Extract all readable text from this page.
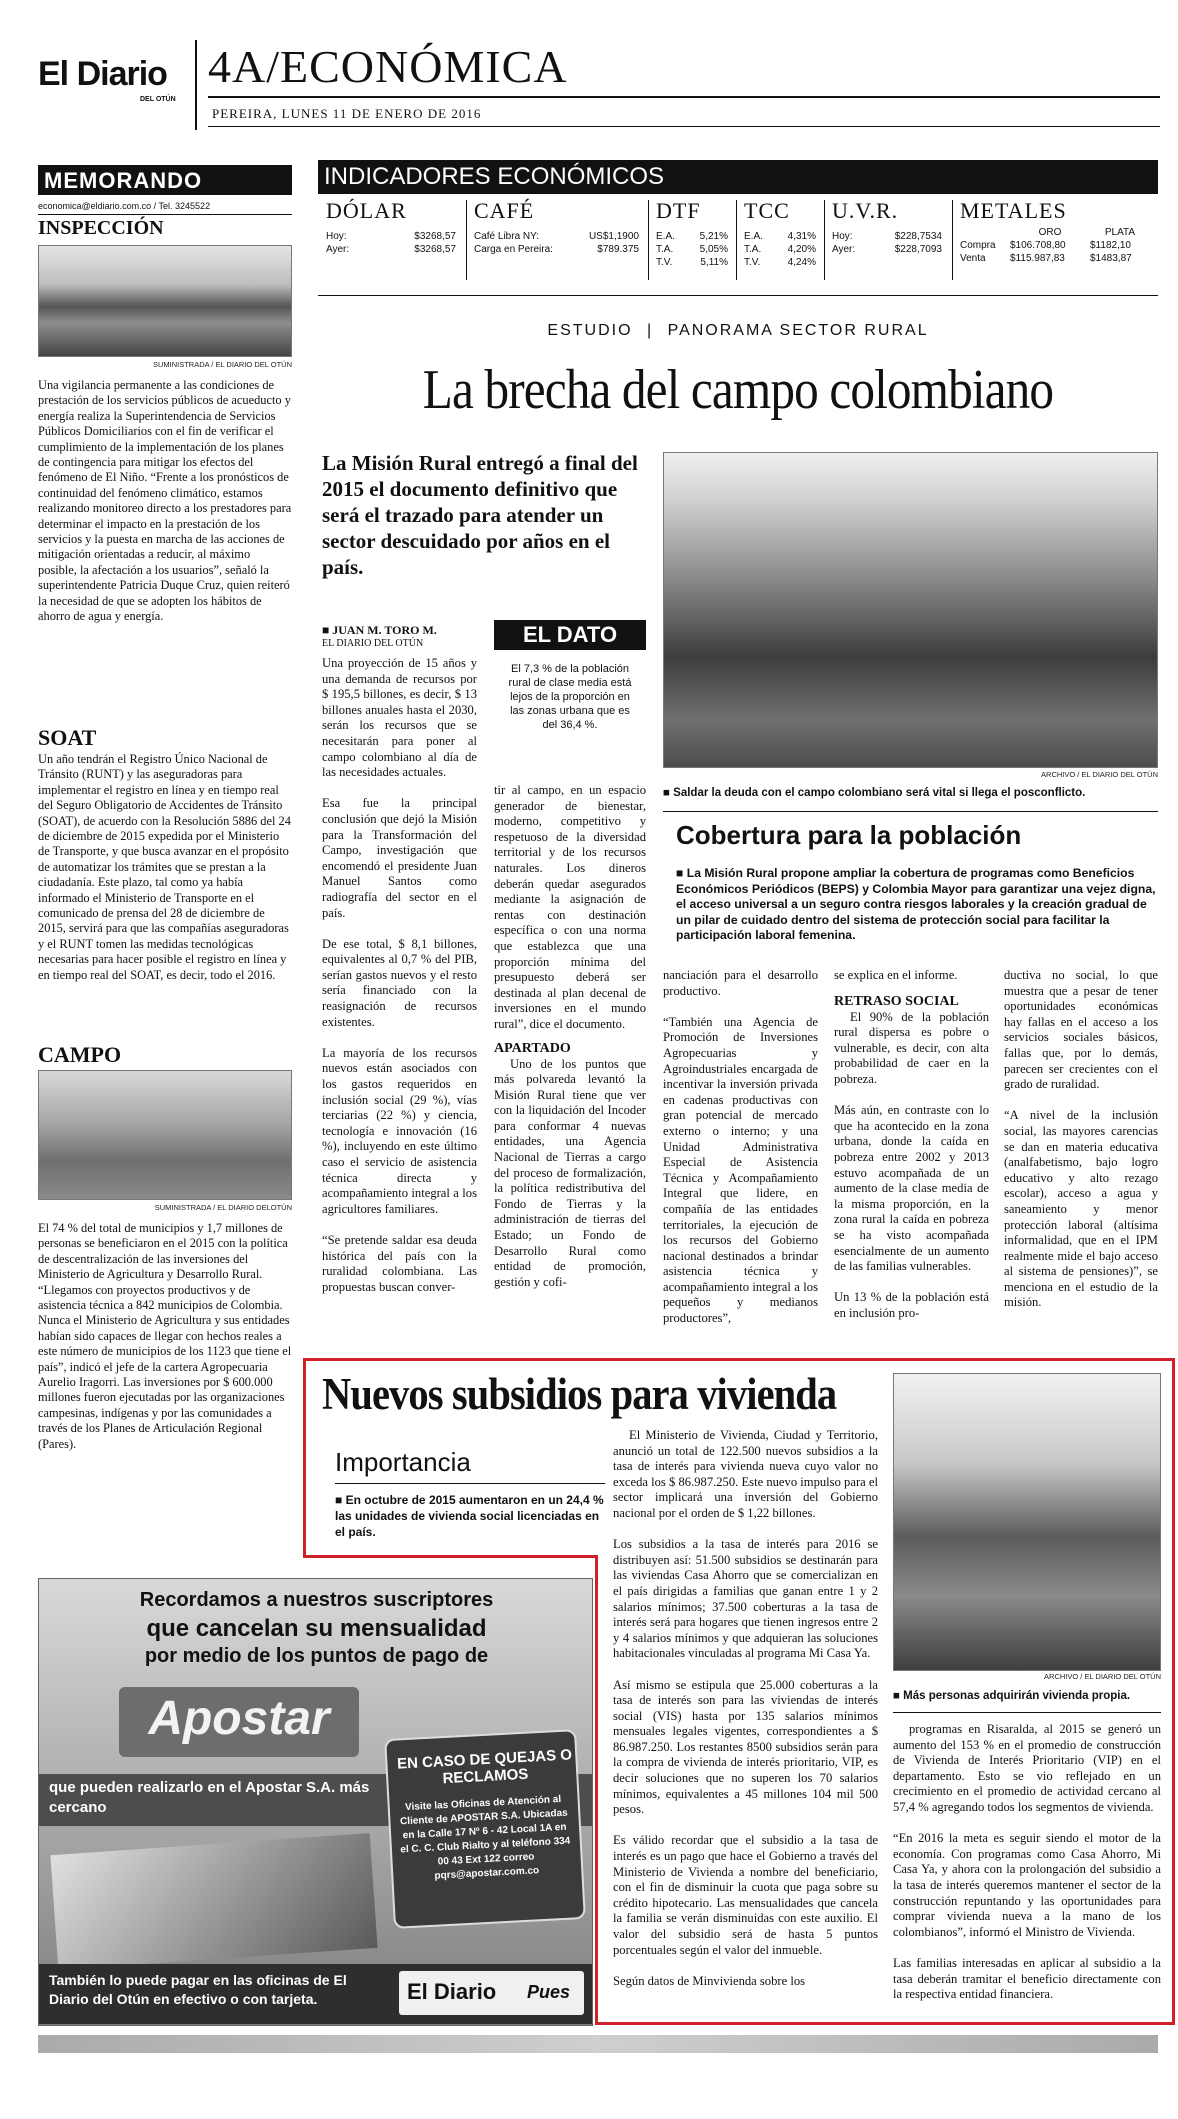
El Diario
DEL OTÚN
4A/ECONÓMICA
PEREIRA, LUNES 11 DE ENERO DE 2016
MEMORANDO
economica@eldiario.com.co / Tel. 3245522
INSPECCIÓN
SUMINISTRADA / EL DIARIO DEL OTÚN
Una vigilancia permanente a las condiciones de prestación de los servicios públicos de acueducto y energía realiza la Superintendencia de Servicios Públicos Domiciliarios con el fin de verificar el cumplimiento de la implementación de los planes de contingencia para mitigar los efectos del fenómeno de El Niño. “Frente a los pronósticos de continuidad del fenómeno climático, estamos realizando monitoreo directo a los prestadores para determinar el impacto en la prestación de los servicios y la puesta en marcha de las acciones de mitigación orientadas a reducir, al máximo posible, la afectación a los usuarios”, señaló la superintendente Patricia Duque Cruz, quien reiteró la necesidad de que se adopten los hábitos de ahorro de agua y energía.
SOAT
Un año tendrán el Registro Único Nacional de Tránsito (RUNT) y las aseguradoras para implementar el registro en línea y en tiempo real del Seguro Obligatorio de Accidentes de Tránsito (SOAT), de acuerdo con la Resolución 5886 del 24 de diciembre de 2015 expedida por el Ministerio de Transporte, y que busca avanzar en el propósito de automatizar los trámites que se prestan a la ciudadanía. Este plazo, tal como ya había informado el Ministerio de Transporte en el comunicado de prensa del 28 de diciembre de 2015, servirá para que las compañías aseguradoras y el RUNT tomen las medidas tecnológicas necesarias para hacer posible el registro en línea y en tiempo real del SOAT, es decir, todo el 2016.
CAMPO
SUMINISTRADA / EL DIARIO DELOTÚN
El 74 % del total de municipios y 1,7 millones de personas se beneficiaron en el 2015 con la política de descentralización de las inversiones del Ministerio de Agricultura y Desarrollo Rural. “Llegamos con proyectos productivos y de asistencia técnica a 842 municipios de Colombia. Nunca el Ministerio de Agricultura y sus entidades habían sido capaces de llegar con hechos reales a este número de municipios de los 1123 que tiene el país”, indicó el jefe de la cartera Agropecuaria Aurelio Iragorri. Las inversiones por $ 600.000 millones fueron ejecutadas por las organizaciones campesinas, indígenas y por las comunidades a través de los Planes de Articulación Regional (Pares).
INDICADORES ECONÓMICOS
DÓLAR
Hoy:	$3268,57
Ayer:	$3268,57
CAFÉ
Café Libra NY:	US$1,1900
Carga en Pereira:	$789.375
DTF
E.A. 5,21%
T.A.	5,05%
T.V.	5,11%
TCC
E.A. 4,31%
T.A.	4,20%
T.V.	4,24%
U.V.R.
Hoy:	$228,7534
Ayer:	$228,7093
METALES
ORO	PLATA
Compra	$106.708,80	$1182,10
Venta	$115.987,83	$1483,87
ESTUDIO | PANORAMA SECTOR RURAL
La brecha del campo colombiano
La Misión Rural entregó a final del 2015 el documento definitivo que será el trazado para atender un sector descuidado por años en el país.
■ JUAN M. TORO M.
EL DIARIO DEL OTÚN	EL DATO
El 7,3 % de la población rural de clase media está lejos de la proporción en las zonas urbana que es del 36,4 %.
Una proyección de 15 años y una demanda de recursos por $ 195,5 billones, es decir, $ 13 billones anuales hasta el 2030, serán los recursos que se necesitarán para poner al campo colombiano al día de las necesidades actuales.

Esa fue la principal conclusión que dejó la Misión para la Transformación del Campo, investigación que encomendó el presidente Juan Manuel Santos como radiografía del sector en el país.

De ese total, $ 8,1 billones, equivalentes al 0,7 % del PIB, serían gastos nuevos y el resto sería financiado con la reasignación de recursos existentes.

La mayoría de los recursos nuevos están asociados con los gastos requeridos en inclusión social (29 %), vías terciarias (22 %) y ciencia, tecnología e innovación (16 %), incluyendo en este último caso el servicio de asistencia técnica directa y acompañamiento integral a los agricultores familiares.

“Se pretende saldar esa deuda histórica del país con la ruralidad colombiana. Las propuestas buscan conver-
tir al campo, en un espacio generador de bienestar, moderno, competitivo y respetuoso de la diversidad territorial y de los recursos naturales. Los dineros deberán quedar asegurados mediante la asignación de rentas con destinación específica o con una norma que establezca que una proporción mínima del presupuesto deberá ser destinada al plan decenal de inversiones en el mundo rural”, dice el documento.
APARTADO
Uno de los puntos que más polvareda levantó la Misión Rural tiene que ver con la liquidación del Incoder para conformar 4 nuevas entidades, una Agencia Nacional de Tierras a cargo del proceso de formalización, la política redistributiva del Fondo de Tierras y la administración de tierras del Estado; un Fondo de Desarrollo Rural como entidad de promoción, gestión y cofi-
ARCHIVO / EL DIARIO DEL OTÚN
■ Saldar la deuda con el campo colombiano será vital si llega el posconflicto.
Cobertura para la población
■ La Misión Rural propone ampliar la cobertura de programas como Beneficios Económicos Periódicos (BEPS) y Colombia Mayor para garantizar una vejez digna, el acceso universal a un seguro contra riesgos laborales y la creación gradual de un pilar de cuidado dentro del sistema de protección social para facilitar la participación laboral femenina.
nanciación para el desarrollo productivo.

“También una Agencia de Promoción de Inversiones Agropecuarias y Agroindustriales encargada de incentivar la inversión privada en cadenas productivas con gran potencial de mercado externo o interno; y una Unidad Administrativa Especial de Asistencia Técnica y Acompañamiento Integral que lidere, en compañía de las entidades territoriales, la ejecución de los recursos del Gobierno nacional destinados a brindar asistencia técnica y acompañamiento integral a los pequeños y medianos productores”,
se explica en el informe.
RETRASO SOCIAL
El 90% de la población rural dispersa es pobre o vulnerable, es decir, con alta probabilidad de caer en la pobreza.

Más aún, en contraste con lo que ha acontecido en la zona urbana, donde la caída en pobreza entre 2002 y 2013 estuvo acompañada de un aumento de la clase media de la misma proporción, en la zona rural la caída en pobreza se ha visto acompañada esencialmente de un aumento de las familias vulnerables.

Un 13 % de la población está en inclusión pro-
ductiva no social, lo que muestra que a pesar de tener oportunidades económicas hay fallas en el acceso a los servicios sociales básicos, fallas que, por lo demás, parecen ser crecientes con el grado de ruralidad.

“A nivel de la inclusión social, las mayores carencias se dan en materia educativa (analfabetismo, bajo logro educativo y alto rezago escolar), acceso a agua y saneamiento y menor protección laboral (altísima informalidad, que en el IPM realmente mide el bajo acceso al sistema de pensiones)”, se menciona en el estudio de la misión.
Nuevos subsidios para vivienda
Importancia
■ En octubre de 2015 aumentaron en un 24,4 % las unidades de vivienda social licenciadas en el país.
El Ministerio de Vivienda, Ciudad y Territorio, anunció un total de 122.500 nuevos subsidios a la tasa de interés para vivienda nueva cuyo valor no exceda los $ 86.987.250. Este nuevo impulso para el sector implicará una inversión del Gobierno nacional por el orden de $ 1,22 billones.

Los subsidios a la tasa de interés para 2016 se distribuyen así: 51.500 subsidios se destinarán para las viviendas Casa Ahorro que se comercializan en el país dirigidas a familias que ganan entre 1 y 2 salarios mínimos; 37.500 coberturas a la tasa de interés será para hogares que tienen ingresos entre 2 y 4 salarios mínimos y que adquieran las soluciones habitacionales vinculadas al programa Mi Casa Ya.

Así mismo se estipula que 25.000 coberturas a la tasa de interés son para las viviendas de interés social (VIS) hasta por 135 salarios mínimos mensuales legales vigentes, correspondientes a $ 86.987.250. Los restantes 8500 subsidios serán para la compra de vivienda de interés prioritario, VIP, es decir soluciones que no superen los 70 salarios mínimos, equivalentes a 45 millones 104 mil 500 pesos.

Es válido recordar que el subsidio a la tasa de interés es un pago que hace el Gobierno a través del Ministerio de Vivienda a nombre del beneficiario, con el fin de disminuir la cuota que paga sobre su crédito hipotecario. Las mensualidades que cancela la familia se verán disminuidas con este auxilio. El valor del subsidio será de hasta 5 puntos porcentuales según el valor del inmueble.

Según datos de Minvivienda sobre los
ARCHIVO / EL DIARIO DEL OTÚN
■ Más personas adquirirán vivienda propia.
programas en Risaralda, al 2015 se generó un aumento del 153 % en el promedio de construcción de Vivienda de Interés Prioritario (VIP) en el departamento. Esto se vio reflejado en un crecimiento en el promedio de actividad cercano al 57,4 % agregando todos los segmentos de vivienda.

“En 2016 la meta es seguir siendo el motor de la economía. Con programas como Casa Ahorro, Mi Casa Ya, y ahora con la prolongación del subsidio a la tasa de interés queremos mantener el sector de la construcción repuntando y las oportunidades para comprar vivienda nueva a la mano de los colombianos”, informó el Ministro de Vivienda.

Las familias interesadas en aplicar al subsidio a la tasa deberán tramitar el beneficio directamente con la respectiva entidad financiera.
Recordamos a nuestros suscriptores
que cancelan su mensualidad
por medio de los puntos de pago de
Apostar
que pueden realizarlo en el Apostar S.A. más cercano
EN CASO DE QUEJAS O RECLAMOS
Visite las Oficinas de Atención al Cliente de APOSTAR S.A. Ubicadas en la Calle 17 Nº 6 - 42 Local 1A en el C. C. Club Rialto y al teléfono 334 00 43 Ext 122 correo pqrs@apostar.com.co
También lo puede pagar en las oficinas de El Diario del Otún en efectivo o con tarjeta.	El Diario Pues
